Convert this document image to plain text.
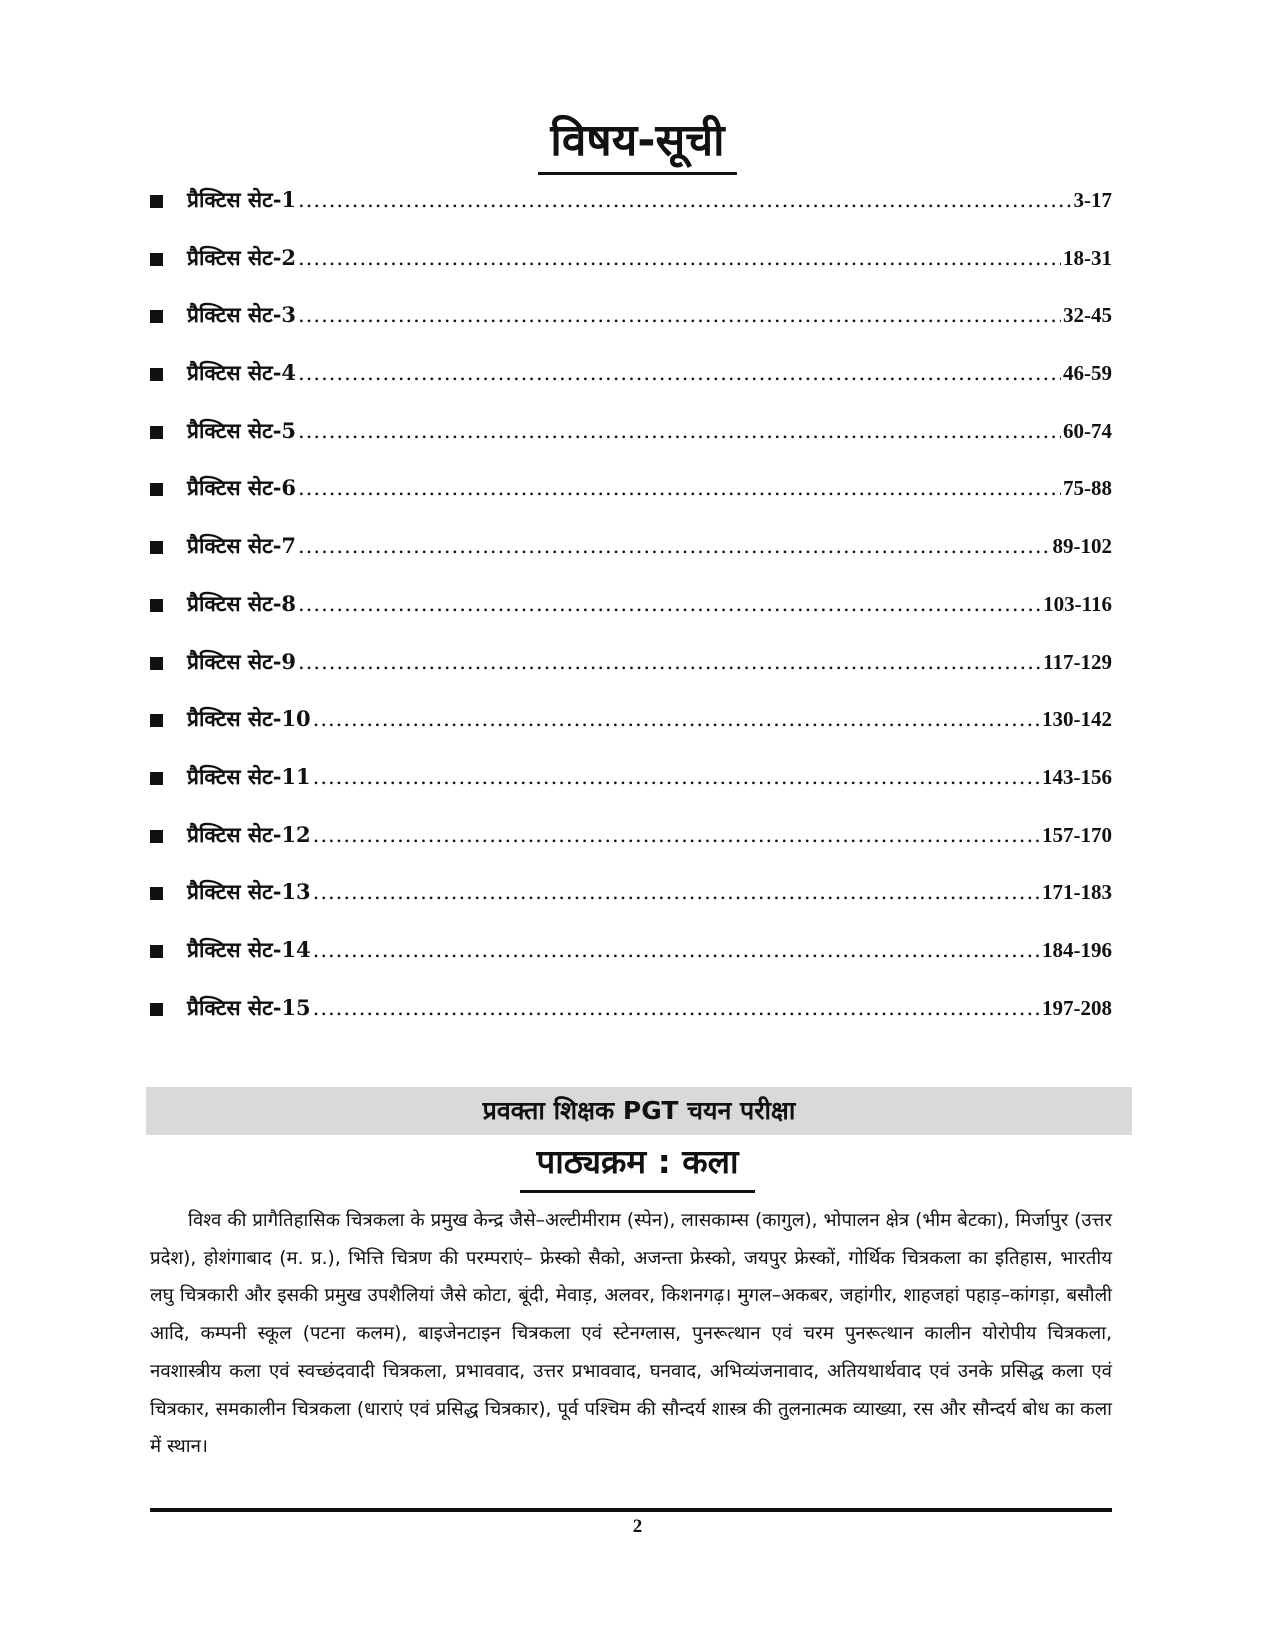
विषय-सूची
प्रैक्टिस सेट-1 .....	3-17
प्रैक्टिस सेट-2 .....	18-31
प्रैक्टिस सेट-3 .....	32-45
प्रैक्टिस सेट-4 .....	46-59
प्रैक्टिस सेट-5 .....	60-74
प्रैक्टिस सेट-6 .....	75-88
प्रैक्टिस सेट-7 .....	89-102
प्रैक्टिस सेट-8 .....	103-116
प्रैक्टिस सेट-9 .....	117-129
प्रैक्टिस सेट-10 .....	130-142
प्रैक्टिस सेट-11 .....	143-156
प्रैक्टिस सेट-12 .....	157-170
प्रैक्टिस सेट-13 .....	171-183
प्रैक्टिस सेट-14 .....	184-196
प्रैक्टिस सेट-15 .....	197-208
प्रवक्ता शिक्षक PGT चयन परीक्षा
पाठ्यक्रम : कला

विश्व की प्रागैतिहासिक चित्रकला के प्रमुख केन्द्र जैसे–अल्टीमीराम (स्पेन), लासकाम्स (कागुल), भोपालन क्षेत्र (भीम बेटका), मिर्जापुर (उत्तर प्रदेश), होशंगाबाद (म. प्र.), भित्ति चित्रण की परम्पराएं– फ्रेस्को सैको, अजन्ता फ्रेस्को, जयपुर फ्रेस्कों, गोर्थिक चित्रकला का इतिहास, भारतीय लघु चित्रकारी और इसकी प्रमुख उपशैलियां जैसे कोटा, बूंदी, मेवाड़, अलवर, किशनगढ़। मुगल–अकबर, जहांगीर, शाहजहां पहाड़–कांगड़ा, बसौली आदि, कम्पनी स्कूल (पटना कलम), बाइजेनटाइन चित्रकला एवं स्टेनग्लास, पुनरूत्थान एवं चरम पुनरूत्थान कालीन योरोपीय चित्रकला, नवशास्त्रीय कला एवं स्वच्छंदवादी चित्रकला, प्रभाववाद, उत्तर प्रभाववाद, घनवाद, अभिव्यंजनावाद, अतियथार्थवाद एवं उनके प्रसिद्ध कला एवं चित्रकार, समकालीन चित्रकला (धाराएं एवं प्रसिद्ध चित्रकार), पूर्व पश्चिम की सौन्दर्य शास्त्र की तुलनात्मक व्याख्या, रस और सौन्दर्य बोध का कला में स्थान।

2
